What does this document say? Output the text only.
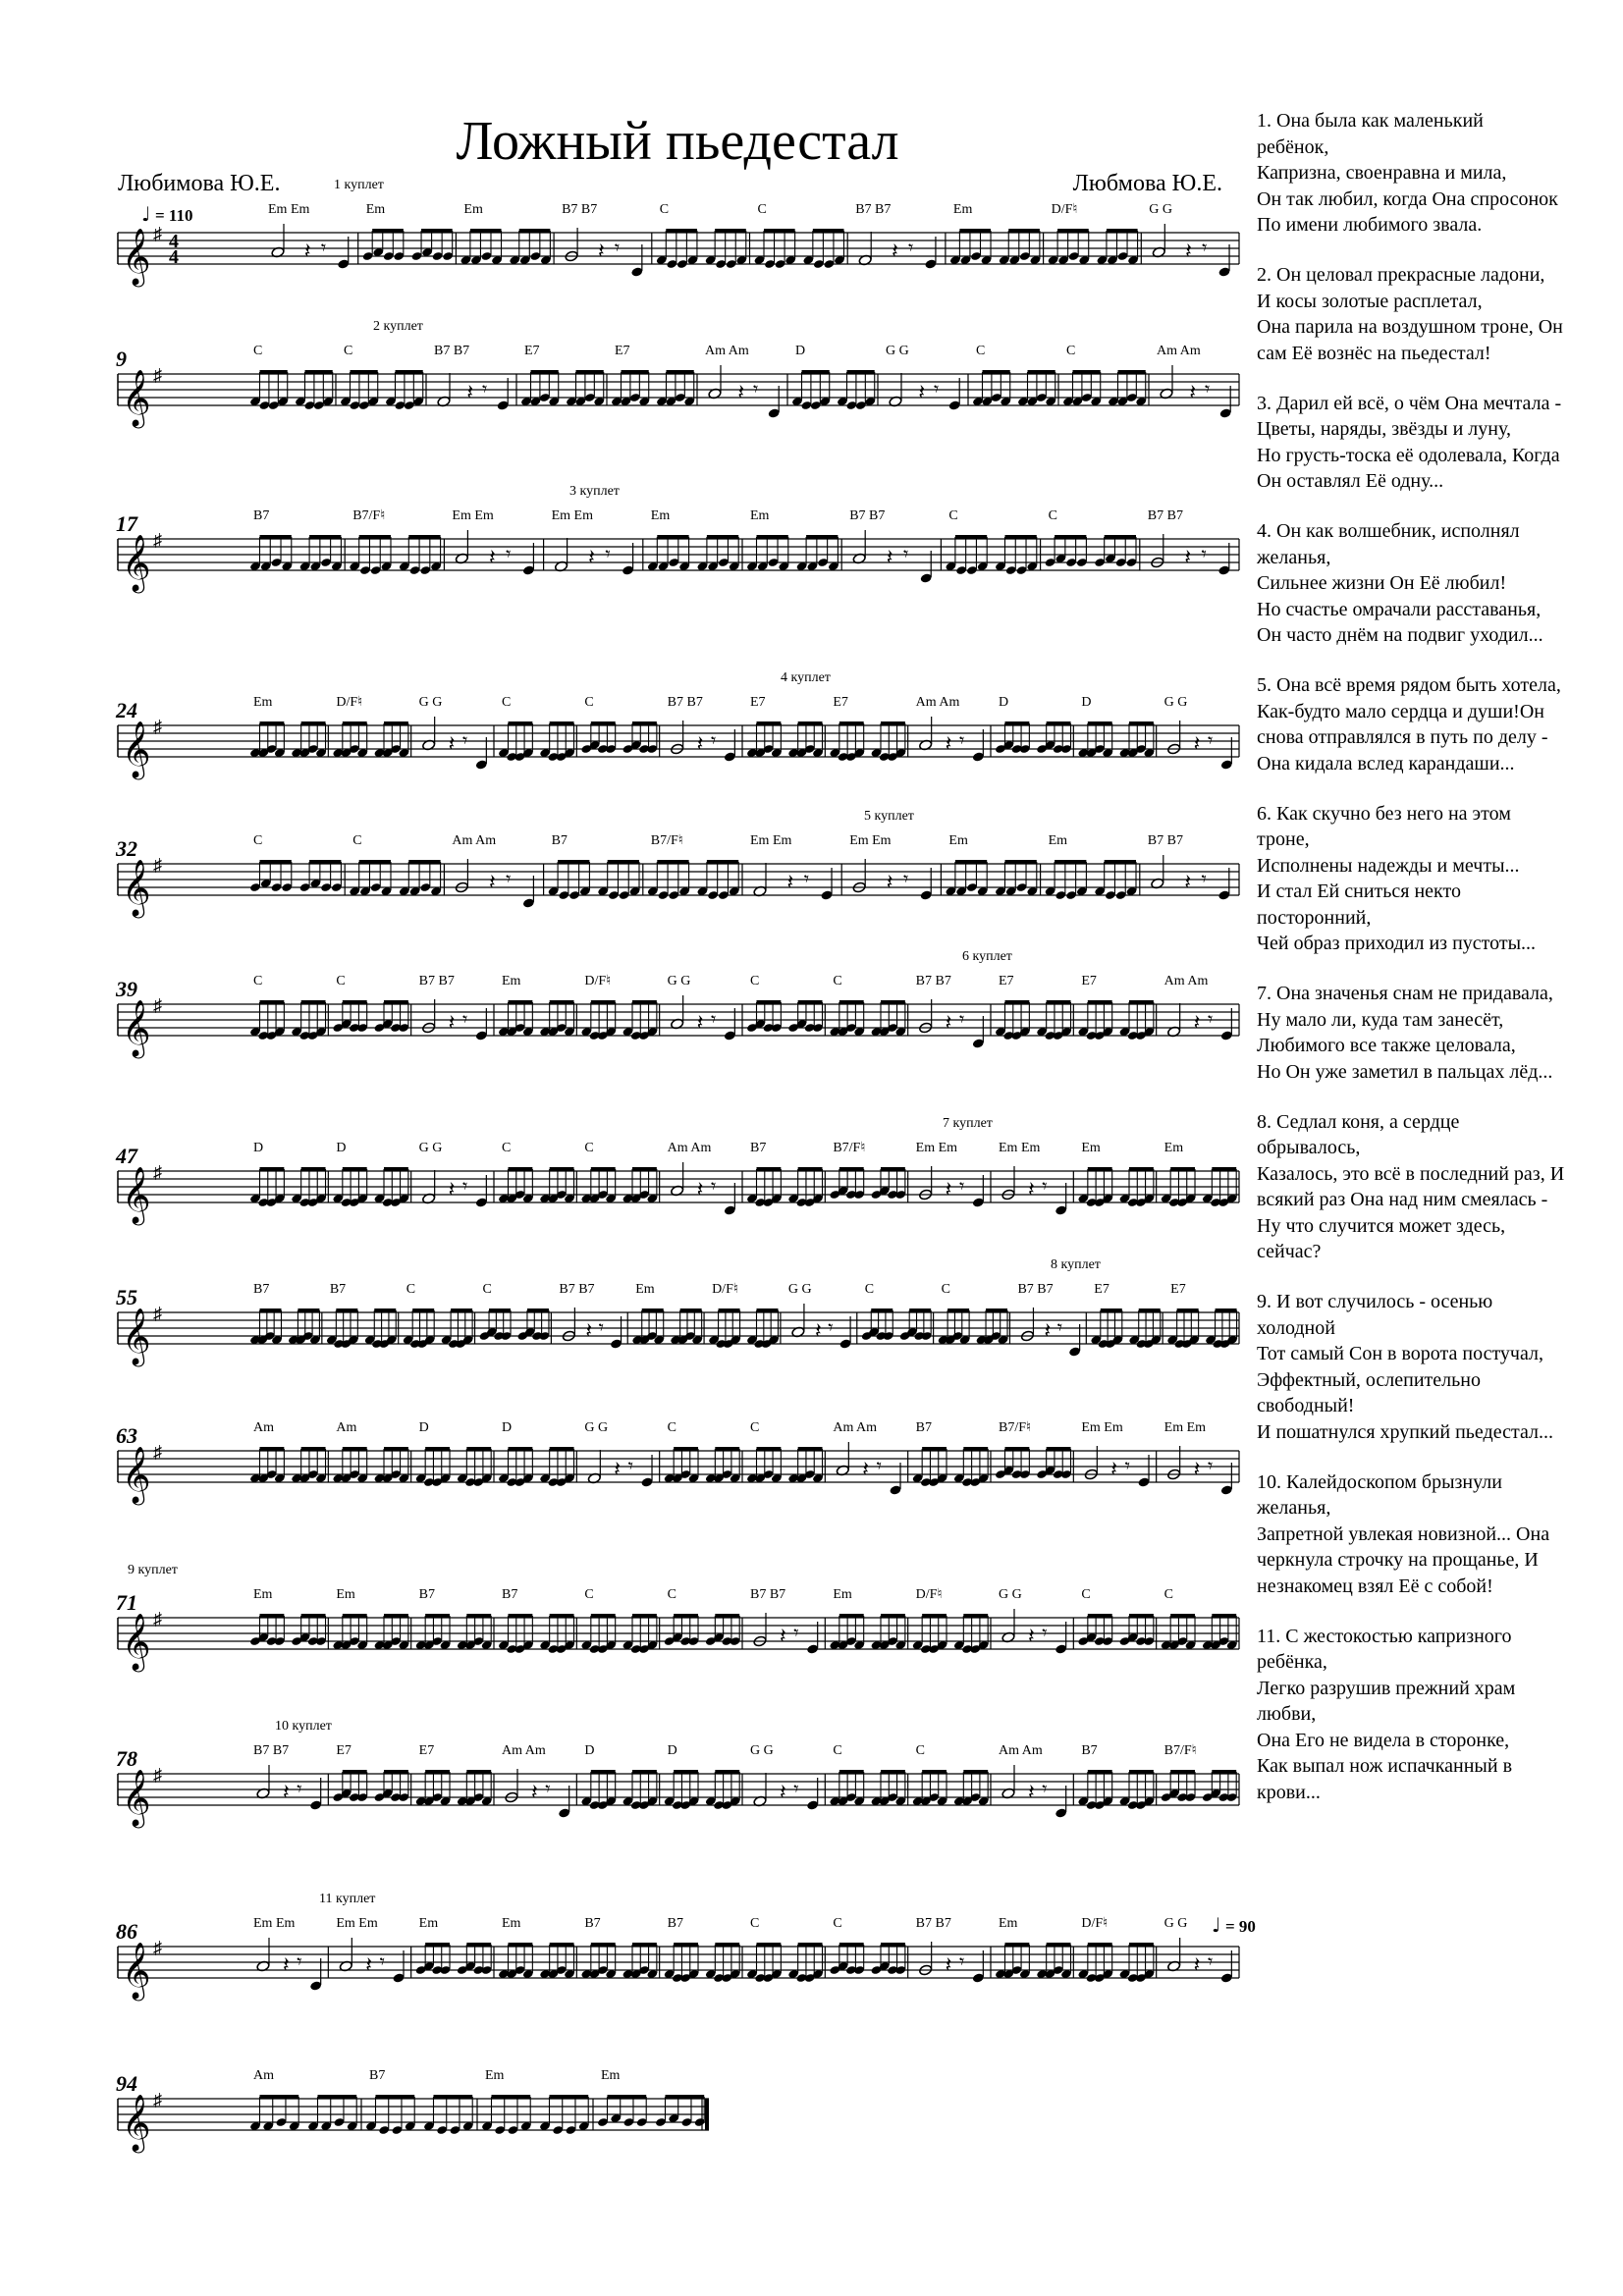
Ложный пьедестал
Любимова Ю.Е.	Любмова Ю.Е.
𝄞 ♯ 4
4
♩ = 110
1 куплет
Em Em
𝄽 𝄾
Em	Em	B7 B7
𝄽 𝄾
C	C	B7 B7
𝄽 𝄾
Em	D/F♮	G G
𝄽 𝄾
𝄞 ♯
9
2 куплет
C	C	B7 B7
𝄽 𝄾
E7	E7	Am Am
𝄽 𝄾
D	G G
𝄽 𝄾
C	C	Am Am
𝄽 𝄾
𝄞 ♯
17
3 куплет
B7	B7/F♮	Em Em
𝄽 𝄾
Em Em
𝄽 𝄾
Em	Em	B7 B7
𝄽 𝄾
C	C	B7 B7
𝄽 𝄾
𝄞 ♯
24
4 куплет
Em	D/F♮	G G
𝄽 𝄾
C	C	B7 B7
𝄽 𝄾
E7	E7	Am Am
𝄽 𝄾
D	D	G G
𝄽 𝄾
𝄞 ♯
32
5 куплет
C	C	Am Am
𝄽 𝄾
B7	B7/F♮	Em Em
𝄽 𝄾
Em Em
𝄽 𝄾
Em	Em	B7 B7
𝄽 𝄾
𝄞 ♯
39
6 куплет
C	C	B7 B7
𝄽 𝄾
Em	D/F♮	G G
𝄽 𝄾
C	C	B7 B7
𝄽 𝄾
E7	E7	Am Am
𝄽 𝄾
𝄞 ♯
47
7 куплет
D	D	G G
𝄽 𝄾
C	C	Am Am
𝄽 𝄾
B7	B7/F♮	Em Em
𝄽 𝄾
Em Em
𝄽 𝄾
Em	Em
𝄞 ♯
55
8 куплет
B7	B7	C	C	B7 B7
𝄽 𝄾
Em	D/F♮	G G
𝄽 𝄾
C	C	B7 B7
𝄽 𝄾
E7	E7
𝄞 ♯
63	Am	Am	D	D	G G
𝄽 𝄾
C	C	Am Am
𝄽 𝄾
B7	B7/F♮	Em Em
𝄽 𝄾
Em Em
𝄽 𝄾
𝄞 ♯
71
9 куплет
Em	Em	B7	B7	C	C	B7 B7
𝄽 𝄾
Em	D/F♮	G G
𝄽 𝄾
C	C
𝄞 ♯
78
10 куплет
B7 B7
𝄽 𝄾
E7	E7	Am Am
𝄽 𝄾
D	D	G G
𝄽 𝄾
C	C	Am Am
𝄽 𝄾
B7	B7/F♮
𝄞 ♯
♩ = 90
86
11 куплет
Em Em
𝄽 𝄾
Em Em
𝄽 𝄾
Em	Em	B7	B7	C	C	B7 B7
𝄽 𝄾
Em	D/F♮	G G
𝄽 𝄾
𝄞 ♯
94	Am	B7	Em	Em
1. Она была как маленький
ребёнок,
Капризна, своенравна и мила,
Он так любил, когда Она спросонок
По имени любимого звала.
2. Он целовал прекрасные ладони,
И косы золотые расплетал,
Она парила на воздушном троне, Он
сам Её вознёс на пьедестал!
3. Дарил ей всё, о чём Она мечтала -
Цветы, наряды, звёзды и луну,
Но грусть-тоска её одолевала, Когда
Он оставлял Её одну...
4. Он как волшебник, исполнял
желанья,
Сильнее жизни Он Её любил!
Но счастье омрачали расставанья,
Он часто днём на подвиг уходил...
5. Она всё время рядом быть хотела,
Как-будто мало сердца и души!Он
снова отправлялся в путь по делу -
Она кидала вслед карандаши...
6. Как скучно без него на этом
троне,
Исполнены надежды и мечты...
И стал Ей сниться некто
посторонний,
Чей образ приходил из пустоты...
7. Она значенья снам не придавала,
Ну мало ли, куда там занесёт,
Любимого все также целовала,
Но Он уже заметил в пальцах лёд...
8. Седлал коня, а сердце
обрывалось,
Казалось, это всё в последний раз, И
всякий раз Она над ним смеялась -
Ну что случится может здесь,
сейчас?
9. И вот случилось - осенью
холодной
Тот самый Сон в ворота постучал,
Эффектный, ослепительно
свободный!
И пошатнулся хрупкий пьедестал...
10. Калейдоскопом брызнули
желанья,
Запретной увлекая новизной... Она
черкнула строчку на прощанье, И
незнакомец взял Её с собой!
11. С жестокостью капризного
ребёнка,
Легко разрушив прежний храм
любви,
Она Его не видела в сторонке,
Как выпал нож испачканный в
крови...
